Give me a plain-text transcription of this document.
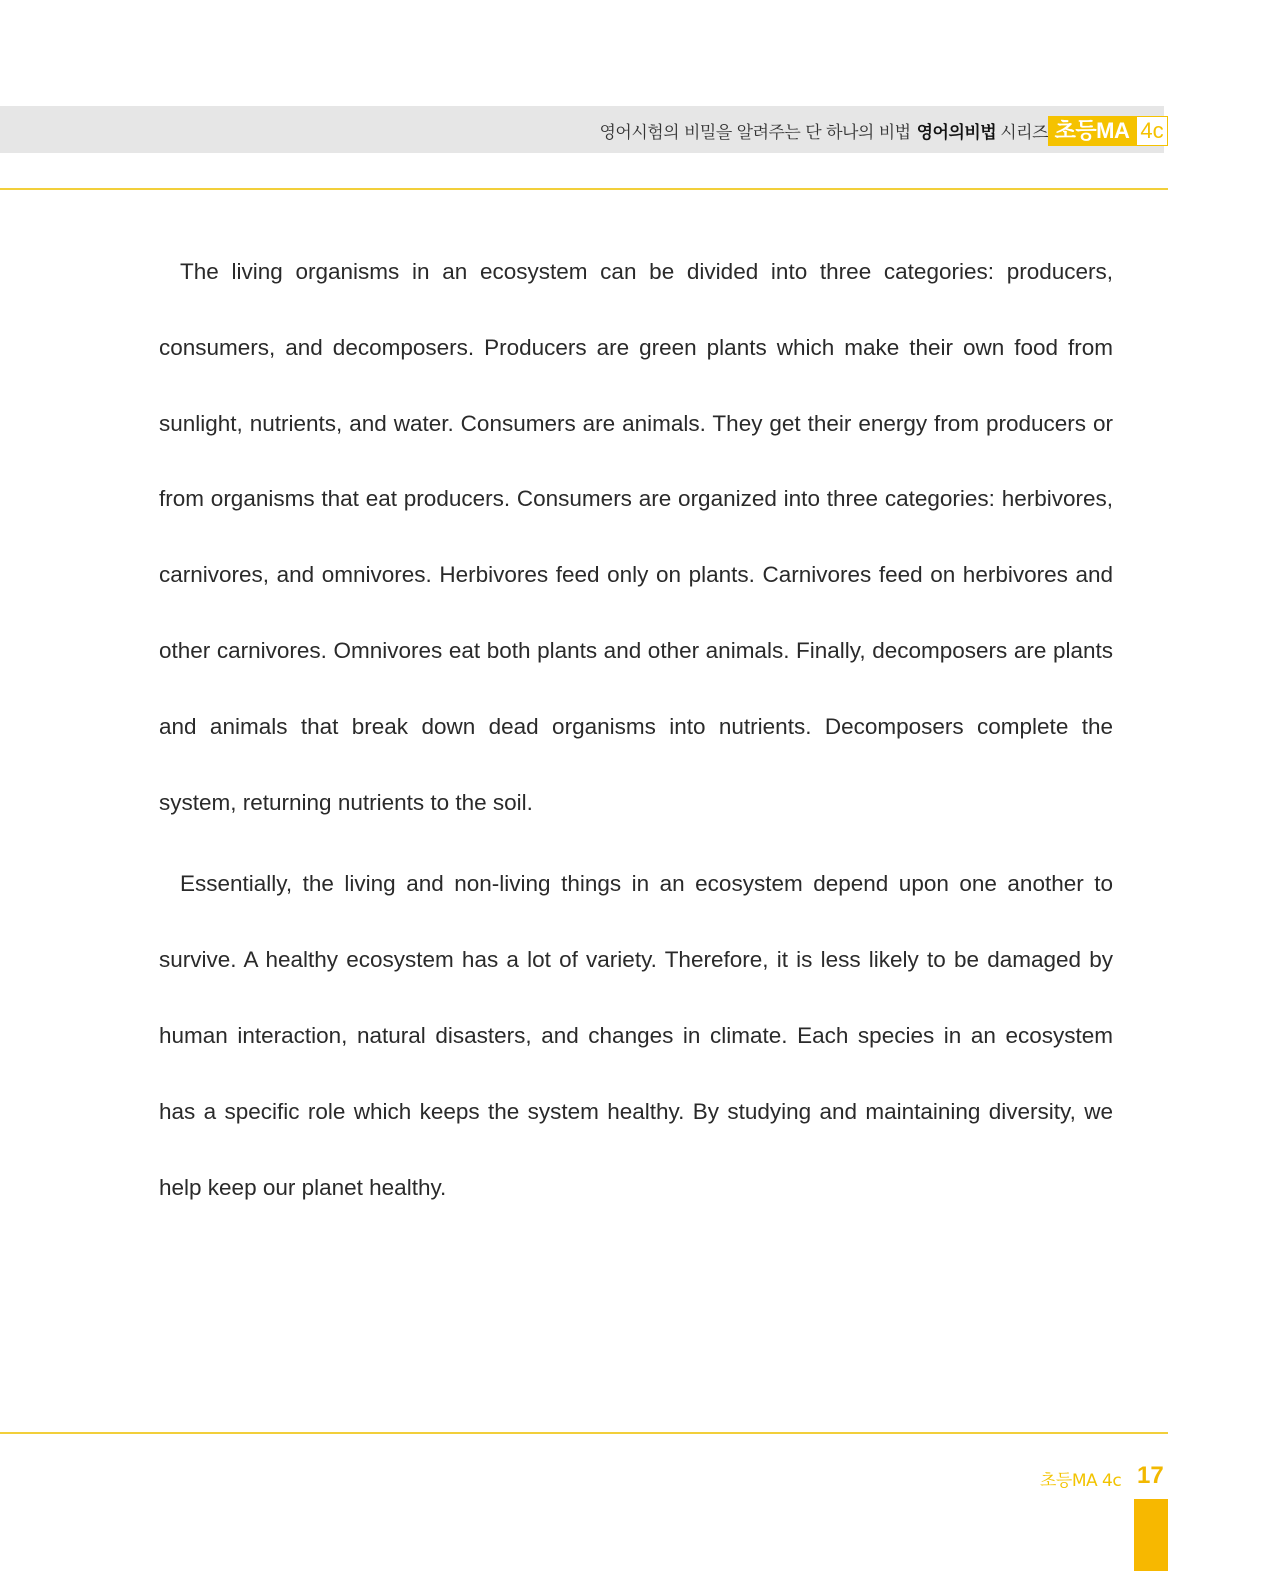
영어시험의 비밀을 알려주는 단 하나의 비법 영어의비법 시리즈 초등MA 4c

The living organisms in an ecosystem can be divided into three categories: producers, consumers, and decomposers. Producers are green plants which make their own food from sunlight, nutrients, and water. Consumers are animals. They get their energy from producers or from organisms that eat producers. Consumers are organized into three categories: herbivores, carnivores, and omnivores. Herbivores feed only on plants. Carnivores feed on herbivores and other carnivores. Omnivores eat both plants and other animals. Finally, decomposers are plants and animals that break down dead organisms into nutrients. Decomposers complete the system, returning nutrients to the soil.

Essentially, the living and non-living things in an ecosystem depend upon one another to survive. A healthy ecosystem has a lot of variety. Therefore, it is less likely to be damaged by human interaction, natural disasters, and changes in climate. Each species in an ecosystem has a specific role which keeps the system healthy. By studying and maintaining diversity, we help keep our planet healthy.

초등MA 4c 17
